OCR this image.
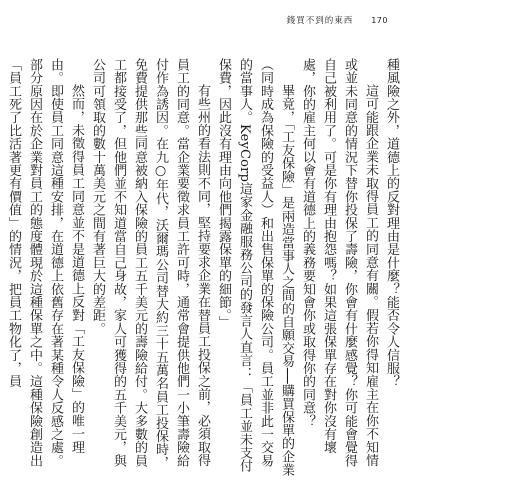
錢買不到的東西 170

種風險之外，道德上的反對理由是什麼？能否令人信服？

這可能跟企業未取得員工的同意有關。假若你得知雇主在你不知情或並未同意的情況下替你投保了壽險，你會有什麼感覺？你可能會覺得自己被利用了。可是你有理由抱怨嗎？如果這張保單存在對你沒有壞處，你的雇主何以會有道德上的義務要知會你或取得你的同意？

畢竟，「工友保險」是兩造當事人之間的自願交易──購買保單的企業（同時成為保險的受益人）和出售保單的保險公司。員工並非此一交易的當事人。KeyCorp這家金融服務公司的發言人直言：「員工並未支付保費，因此沒有理由向他們揭露保單的細節。」

有些州的看法則不同，堅持要求企業在替員工投保之前，必須取得員工的同意。當企業要徵求員工許可時，通常會提供他們一小筆壽險給付作為誘因。在九○年代，沃爾瑪公司替大約三十五萬名員工投保時，免費提供那些同意被納入保險的員工五千美元的壽險給付。大多數的員工都接受了，但他們並不知道當自己身故，家人可獲得的五千美元，與公司可領取的數十萬美元之間有著巨大的差距。

然而，未徵得員工同意並不是道德上反對「工友保險」的唯一理由。即使員工同意這種安排，在道德上依舊存在著某種令人反感之處。部分原因在於企業對員工的態度體現於這種保單之中。這種保險創造出「員工死了比活著更有價值」的情況，把員工物化了，員
